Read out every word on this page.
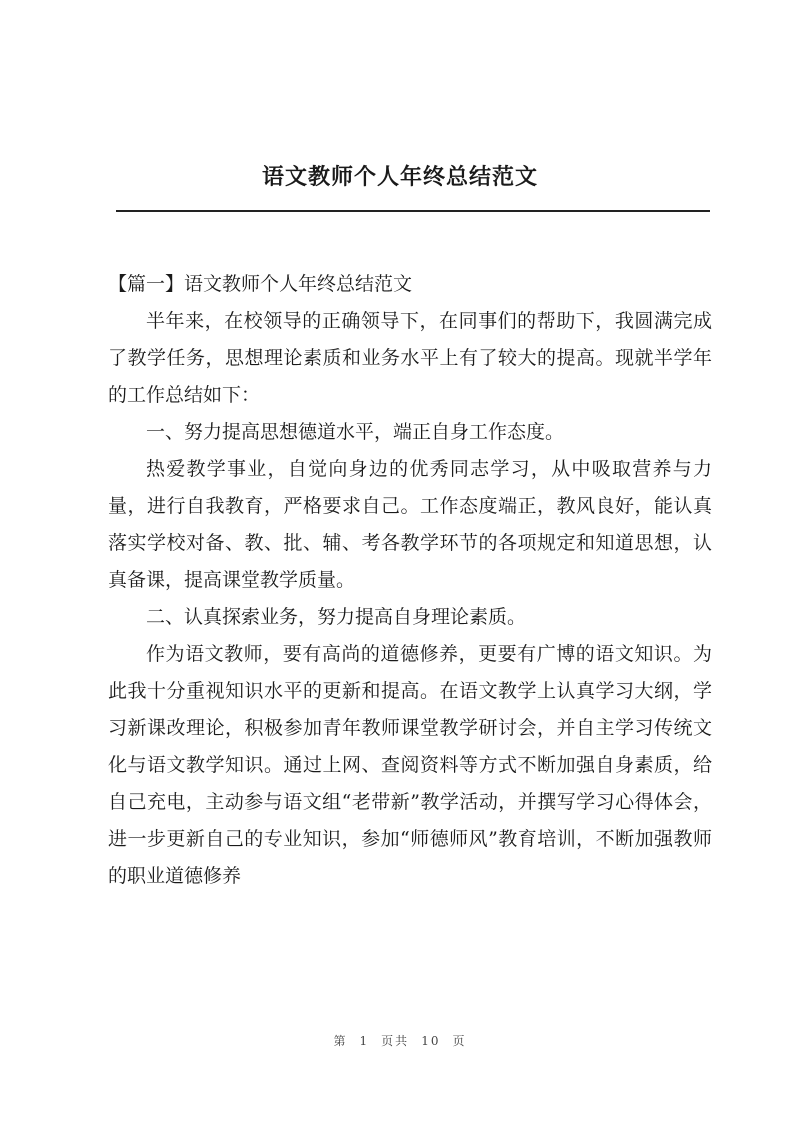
语文教师个人年终总结范文

【篇一】语文教师个人年终总结范文

半年来，在校领导的正确领导下，在同事们的帮助下，我圆满完成了教学任务，思想理论素质和业务水平上有了较大的提高。现就半学年的工作总结如下：

一、努力提高思想德道水平，端正自身工作态度。

热爱教学事业，自觉向身边的优秀同志学习，从中吸取营养与力量，进行自我教育，严格要求自己。工作态度端正，教风良好，能认真落实学校对备、教、批、辅、考各教学环节的各项规定和知道思想，认真备课，提高课堂教学质量。

二、认真探索业务，努力提高自身理论素质。

作为语文教师，要有高尚的道德修养，更要有广博的语文知识。为此我十分重视知识水平的更新和提高。在语文教学上认真学习大纲，学习新课改理论，积极参加青年教师课堂教学研讨会，并自主学习传统文化与语文教学知识。通过上网、查阅资料等方式不断加强自身素质，给自己充电，主动参与语文组“老带新”教学活动，并撰写学习心得体会，进一步更新自己的专业知识，参加“师德师风”教育培训，不断加强教师的职业道德修养

第 1 页共 10 页
